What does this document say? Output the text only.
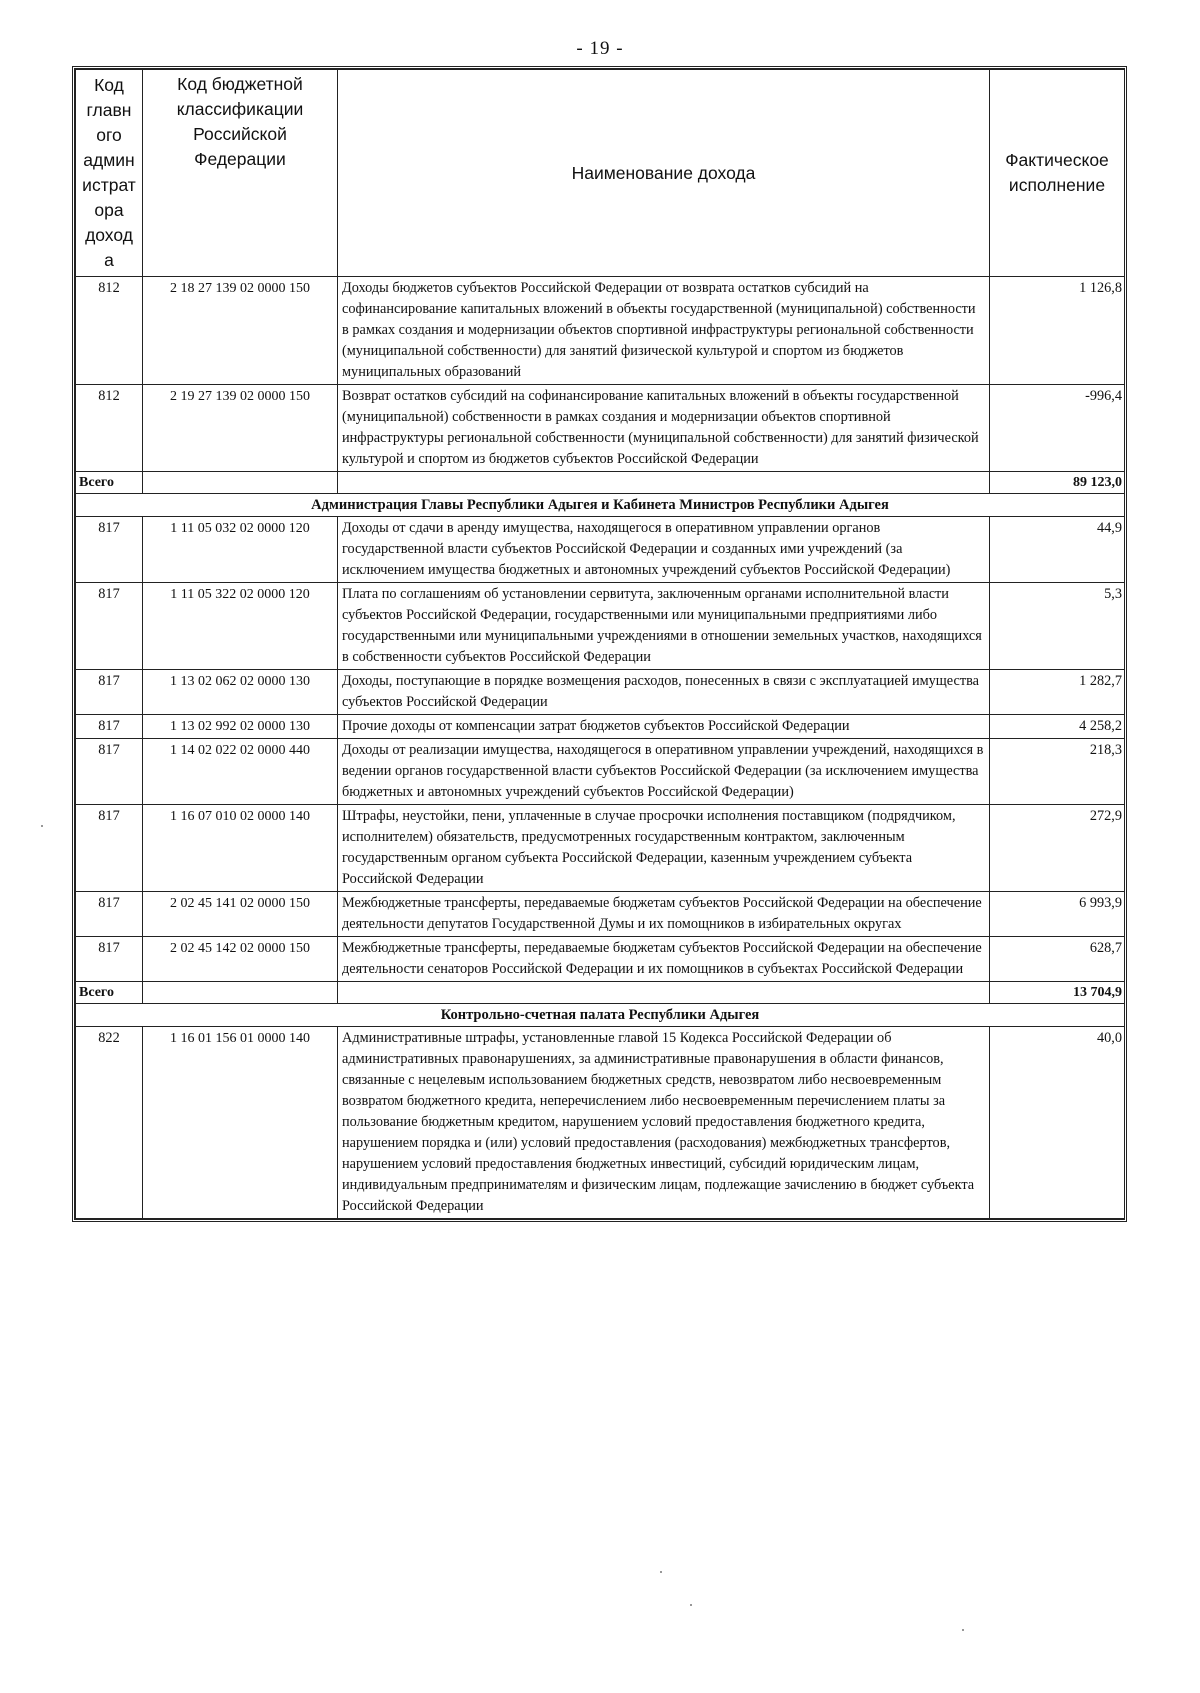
- 19 -
Код главн ого админ истрат ора доход а	Код бюджетной классификации Российской Федерации	Наименование дохода	Фактическое исполнение
812	2 18 27 139 02 0000 150	Доходы бюджетов субъектов Российской Федерации от возврата остатков субсидий на софинансирование капитальных вложений в объекты государственной (муниципальной) собственности в рамках создания и модернизации объектов спортивной инфраструктуры региональной собственности (муниципальной собственности) для занятий физической культурой и спортом из бюджетов муниципальных образований	1 126,8
812	2 19 27 139 02 0000 150	Возврат остатков субсидий на софинансирование капитальных вложений в объекты государственной (муниципальной) собственности в рамках создания и модернизации объектов спортивной инфраструктуры региональной собственности (муниципальной собственности) для занятий физической культурой и спортом из бюджетов субъектов Российской Федерации	-996,4
Всего			89 123,0
Администрация Главы Республики Адыгея и Кабинета Министров Республики Адыгея			
817	1 11 05 032 02 0000 120	Доходы от сдачи в аренду имущества, находящегося в оперативном управлении органов государственной власти субъектов Российской Федерации и созданных ими учреждений (за исключением имущества бюджетных и автономных учреждений субъектов Российской Федерации)	44,9
817	1 11 05 322 02 0000 120	Плата по соглашениям об установлении сервитута, заключенным органами исполнительной власти субъектов Российской Федерации, государственными или муниципальными предприятиями либо государственными или муниципальными учреждениями в отношении земельных участков, находящихся в собственности субъектов Российской Федерации	5,3
817	1 13 02 062 02 0000 130	Доходы, поступающие в порядке возмещения расходов, понесенных в связи с эксплуатацией имущества субъектов Российской Федерации	1 282,7
817	1 13 02 992 02 0000 130	Прочие доходы от компенсации затрат бюджетов субъектов Российской Федерации	4 258,2
817	1 14 02 022 02 0000 440	Доходы от реализации имущества, находящегося в оперативном управлении учреждений, находящихся в ведении органов государственной власти субъектов Российской Федерации (за исключением имущества бюджетных и автономных учреждений субъектов Российской Федерации)	218,3
817	1 16 07 010 02 0000 140	Штрафы, неустойки, пени, уплаченные в случае просрочки исполнения поставщиком (подрядчиком, исполнителем) обязательств, предусмотренных государственным контрактом, заключенным государственным органом субъекта Российской Федерации, казенным учреждением субъекта Российской Федерации	272,9
817	2 02 45 141 02 0000 150	Межбюджетные трансферты, передаваемые бюджетам субъектов Российской Федерации на обеспечение деятельности депутатов Государственной Думы и их помощников в избирательных округах	6 993,9
817	2 02 45 142 02 0000 150	Межбюджетные трансферты, передаваемые бюджетам субъектов Российской Федерации на обеспечение деятельности сенаторов Российской Федерации и их помощников в субъектах Российской Федерации	628,7
Всего			13 704,9
Контрольно-счетная палата Республики Адыгея			
822	1 16 01 156 01 0000 140	Административные штрафы, установленные главой 15 Кодекса Российской Федерации об административных правонарушениях, за административные правонарушения в области финансов, связанные с нецелевым использованием бюджетных средств, невозвратом либо несвоевременным возвратом бюджетного кредита, неперечислением либо несвоевременным перечислением платы за пользование бюджетным кредитом, нарушением условий предоставления бюджетного кредита, нарушением порядка и (или) условий предоставления (расходования) межбюджетных трансфертов, нарушением условий предоставления бюджетных инвестиций, субсидий юридическим лицам, индивидуальным предпринимателям и физическим лицам, подлежащие зачислению в бюджет субъекта Российской Федерации	40,0
